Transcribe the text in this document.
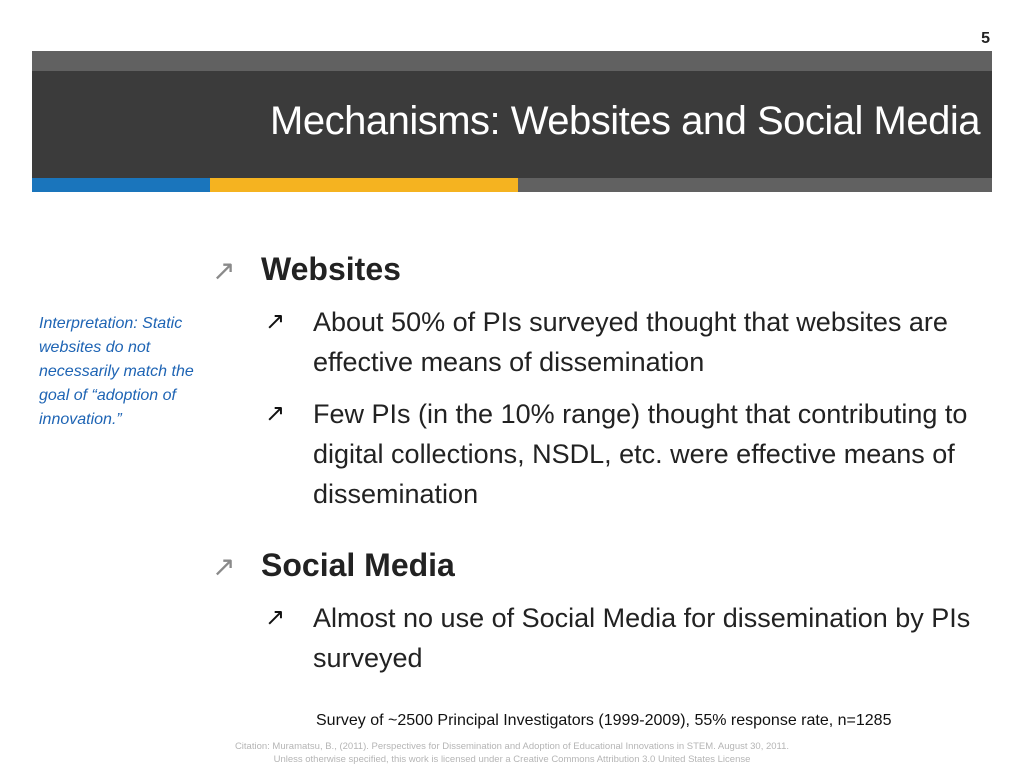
5
Mechanisms: Websites and Social Media
Interpretation: Static websites do not necessarily match the goal of “adoption of innovation.”
↗︎ Websites
↗︎ About 50% of PIs surveyed thought that websites are effective means of dissemination
↗︎ Few PIs (in the 10% range) thought that contributing to digital collections, NSDL, etc. were effective means of dissemination
↗︎ Social Media
↗︎ Almost no use of Social Media for dissemination by PIs surveyed
Survey of ~2500 Principal Investigators (1999-2009), 55% response rate, n=1285
Citation: Muramatsu, B., (2011). Perspectives for Dissemination and Adoption of Educational Innovations in STEM. August 30, 2011.
Unless otherwise specified, this work is licensed under a Creative Commons Attribution 3.0 United States License
